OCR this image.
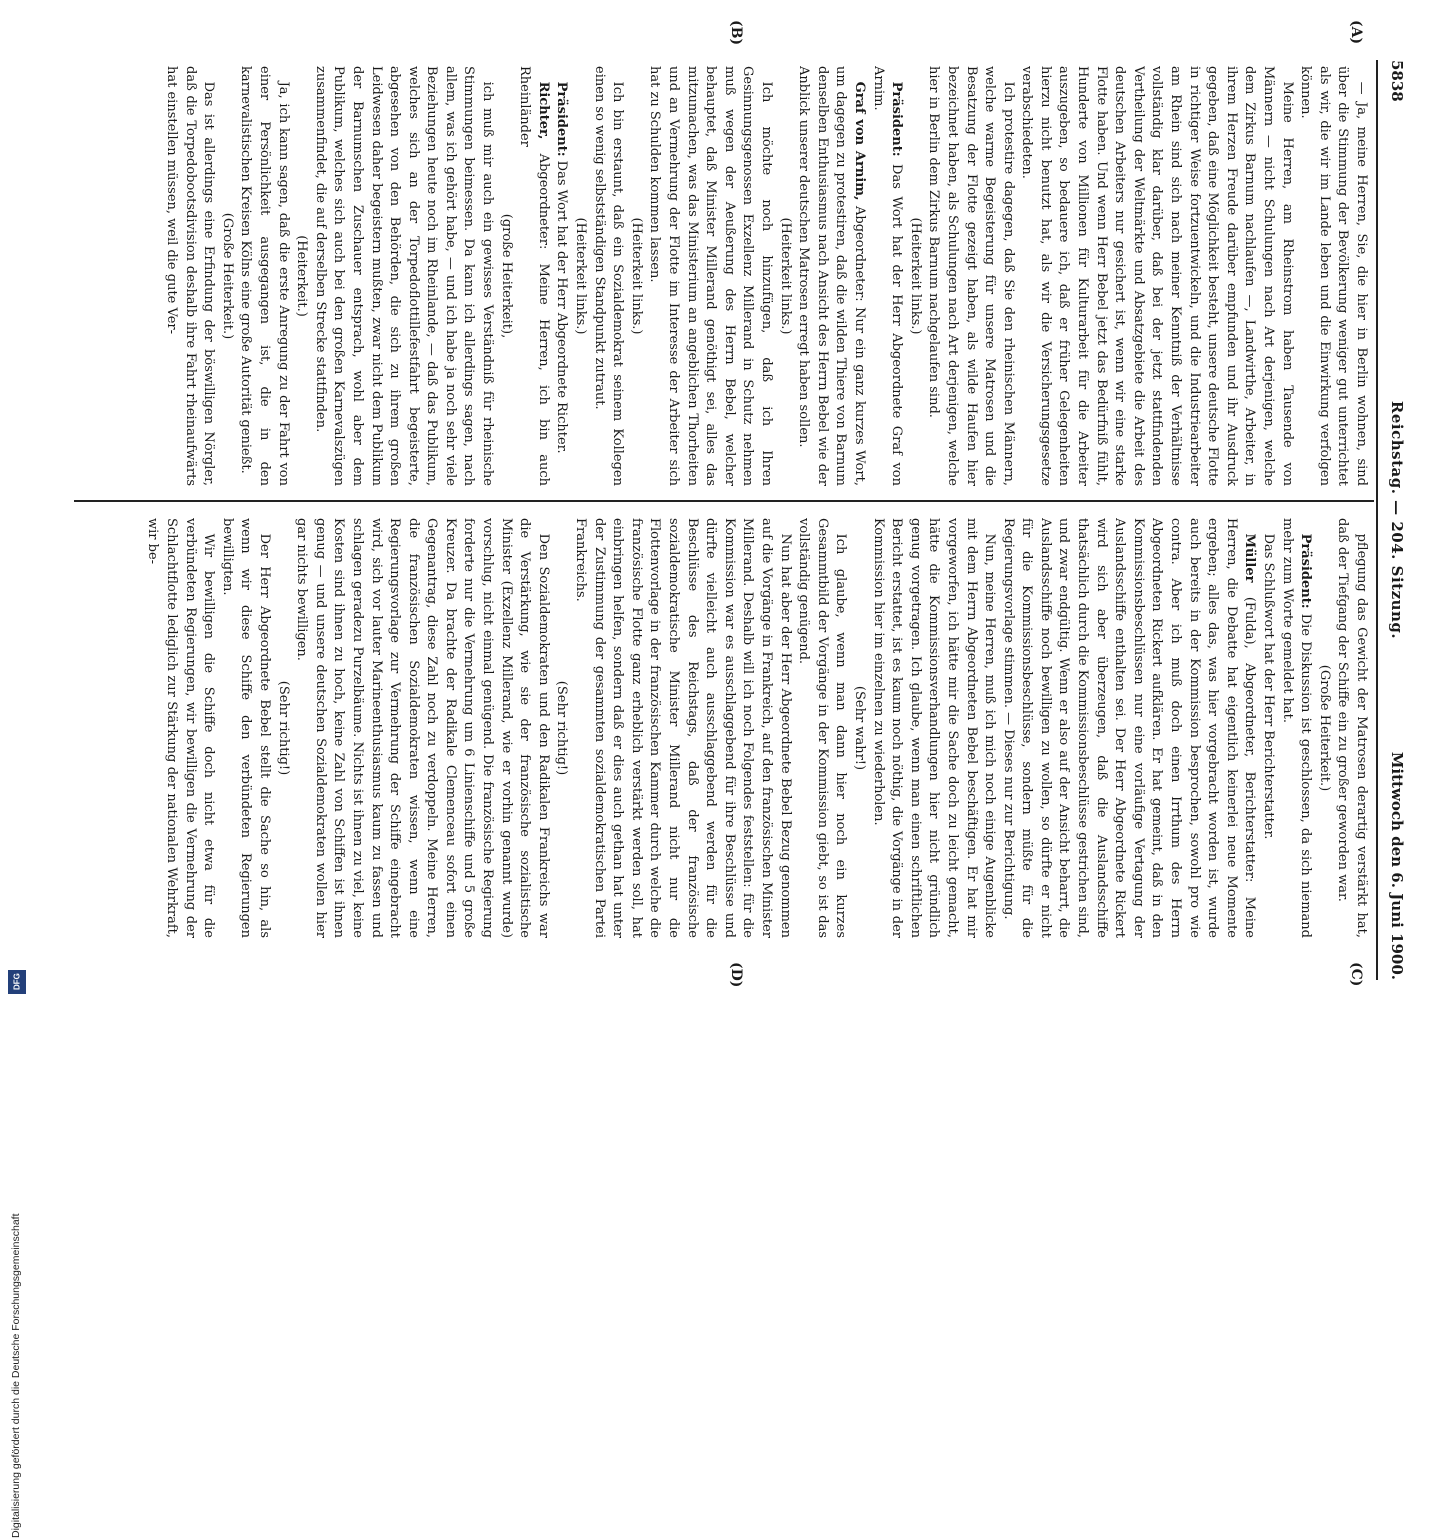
5838
Reichstag. — 204. Sitzung.
Mittwoch den 6. Juni 1900.
(A)
(B)
(C)
(D)

— Ja, meine Herren, Sie, die hier in Berlin wohnen, sind über die Stimmung der Bevölkerung weniger gut unterrichtet als wir, die wir im Lande leben und die Einwirkung verfolgen können.

Meine Herren, am Rheinstrom haben Tausende von Männern — nicht Schulungen nach Art derjenigen, welche dem Zirkus Barnum nachlaufen —, Landwirthe, Arbeiter, in ihrem Herzen Freude darüber empfunden und ihr Ausdruck gegeben, daß eine Möglichkeit besteht, unsere deutsche Flotte in richtiger Weise fortzuentwickeln, und die Industriearbeiter am Rhein sind sich nach meiner Kenntniß der Verhältnisse vollständig klar darüber, daß bei der jetzt stattfindenden Vertheilung der Weltmärkte und Absatzgebiete die Arbeit des deutschen Arbeiters nur gesichert ist, wenn wir eine starke Flotte haben. Und wenn Herr Bebel jetzt das Bedürfniß fühlt, Hunderte von Millionen für Kulturarbeit für die Arbeiter auszugeben, so bedauere ich, daß er früher Gelegenheiten hierzu nicht benutzt hat, als wir die Versicherungsgesetze verabschiedeten.

Ich protestire dagegen, daß Sie den rheinischen Männern, welche warme Begeisterung für unsere Matrosen und die Besatzung der Flotte gezeigt haben, als wilde Haufen hier bezeichnet haben, als Schulungen nach Art derjenigen, welche hier in Berlin dem Zirkus Barnum nachgelaufen sind.

(Heiterkeit links.)

Präsident: Das Wort hat der Herr Abgeordnete Graf von Arnim.

Graf von Arnim, Abgeordneter: Nur ein ganz kurzes Wort, um dagegen zu protestiren, daß die wilden Thiere von Barnum denselben Enthusiasmus nach Ansicht des Herrn Bebel wie der Anblick unserer deutschen Matrosen erregt haben sollen.

(Heiterkeit links.)

Ich möchte noch hinzufügen, daß ich Ihren Gesinnungsgenossen Exzellenz Millerand in Schutz nehmen muß wegen der Aeußerung des Herrn Bebel, welcher behauptet, daß Minister Millerand genöthigt sei, alles das mitzumachen, was das Ministerium an angeblichen Thorheiten und an Vermehrung der Flotte im Interesse der Arbeiter sich hat zu Schulden kommen lassen.

(Heiterkeit links.)

Ich bin erstaunt, daß ein Sozialdemokrat seinem Kollegen einen so wenig selbstständigen Standpunkt zutraut.

(Heiterkeit links.)

Präsident: Das Wort hat der Herr Abgeordnete Richter.

Richter, Abgeordneter: Meine Herren, ich bin auch Rheinländer

(große Heiterkeit),

ich muß mir auch ein gewisses Verständniß für rheinische Stimmungen beimessen. Da kann ich allerdings sagen, nach allem, was ich gehört habe, — und ich habe ja noch sehr viele Beziehungen heute noch im Rheinlande, — daß das Publikum, welches sich an der Torpedoflottillefestfahrt begeisterte, abgesehen von den Behörden, die sich zu ihrem großen Leidwesen daher begeistern mußten, zwar nicht dem Publikum der Barnumschen Zuschauer entsprach, wohl aber dem Publikum, welches sich auch bei den großen Karnevalszügen zusammenfindet, die auf derselben Strecke stattfinden.

(Heiterkeit.)

Ja, ich kann sagen, daß die erste Anregung zu der Fahrt von einer Persönlichkeit ausgegangen ist, die in den karnevalistischen Kreisen Kölns eine große Autorität genießt.

(Große Heiterkeit.)

Das ist allerdings eine Erfindung der böswilligen Nörgler, daß die Torpedobootsdivision deshalb ihre Fahrt rheinaufwärts hat einstellen müssen, weil die gute Ver-

pflegung das Gewicht der Matrosen derartig verstärkt hat, daß der Tiefgang der Schiffe ein zu großer geworden war.

(Große Heiterkeit.)

Präsident: Die Diskussion ist geschlossen, da sich niemand mehr zum Worte gemeldet hat.

Das Schlußwort hat der Herr Berichterstatter.

Müller (Fulda), Abgeordneter, Berichterstatter: Meine Herren, die Debatte hat eigentlich keinerlei neue Momente ergeben; alles das, was hier vorgebracht worden ist, wurde auch bereits in der Kommission besprochen, sowohl pro wie contra. Aber ich muß doch einen Irrthum des Herrn Abgeordneten Rickert aufklären. Er hat gemeint, daß in den Kommissionsbeschlüssen nur eine vorläufige Vertagung der Auslandsschiffe enthalten sei. Der Herr Abgeordnete Rickert wird sich aber überzeugen, daß die Auslandsschiffe thatsächlich durch die Kommissionsbeschlüsse gestrichen sind, und zwar endgültig. Wenn er also auf der Ansicht beharrt, die Auslandsschiffe noch bewilligen zu wollen, so dürfte er nicht für die Kommissionsbeschlüsse, sondern müßte für die Regierungsvorlage stimmen. — Dieses nur zur Berichtigung.

Nun, meine Herren, muß ich mich noch einige Augenblicke mit dem Herrn Abgeordneten Bebel beschäftigen. Er hat mir vorgeworfen, ich hätte mir die Sache doch zu leicht gemacht, hätte die Kommissionsverhandlungen hier nicht gründlich genug vorgetragen. Ich glaube, wenn man einen schriftlichen Bericht erstattet, ist es kaum noch nöthig, die Vorgänge in der Kommission hier im einzelnen zu wiederholen.

(Sehr wahr!)

Ich glaube, wenn man dann hier noch ein kurzes Gesammtbild der Vorgänge in der Kommission giebt, so ist das vollständig genügend.

Nun hat aber der Herr Abgeordnete Bebel Bezug genommen auf die Vorgänge in Frankreich, auf den französischen Minister Millerand. Deshalb will ich noch Folgendes feststellen: für die Kommission war es ausschlaggebend für ihre Beschlüsse und dürfte vielleicht auch ausschlaggebend werden für die Beschlüsse des Reichstags, daß der französische sozialdemokratische Minister Millerand nicht nur die Flottenvorlage in der französischen Kammer durch welche die französische Flotte ganz erheblich verstärkt werden soll, hat einbringen helfen, sondern daß er dies auch gethan hat unter der Zustimmung der gesammten sozialdemokratischen Partei Frankreichs.

(Sehr richtig!)

Den Sozialdemokraten und den Radikalen Frankreichs war die Verstärkung, wie sie der französische sozialistische Minister (Exzellenz Millerand, wie er vorhin genannt wurde) vorschlug, nicht einmal genügend. Die französische Regierung forderte nur die Vermehrung um 6 Linienschiffe und 5 große Kreuzer. Da brachte der Radikale Clemenceau sofort einen Gegenantrag, diese Zahl noch zu verdoppeln. Meine Herren, die französischen Sozialdemokraten wissen, wenn eine Regierungsvorlage zur Vermehrung der Schiffe eingebracht wird, sich vor lauter Marineenthusiasmus kaum zu fassen und schlagen geradezu Purzelbäume. Nichts ist ihnen zu viel, keine Kosten sind ihnen zu hoch, keine Zahl von Schiffen ist ihnen genug — und unsere deutschen Sozialdemokraten wollen hier gar nichts bewilligen.

(Sehr richtig!)

Der Herr Abgeordnete Bebel stellt die Sache so hin, als wenn wir diese Schiffe den verbündeten Regierungen bewilligten.

Wir bewilligen die Schiffe doch nicht etwa für die verbündeten Regierungen, wir bewilligen die Vermehrung der Schlachtflotte lediglich zur Stärkung der nationalen Wehrkraft, wir be-

Digitalisierung gefördert durch die Deutsche Forschungsgemeinschaft
DFG
